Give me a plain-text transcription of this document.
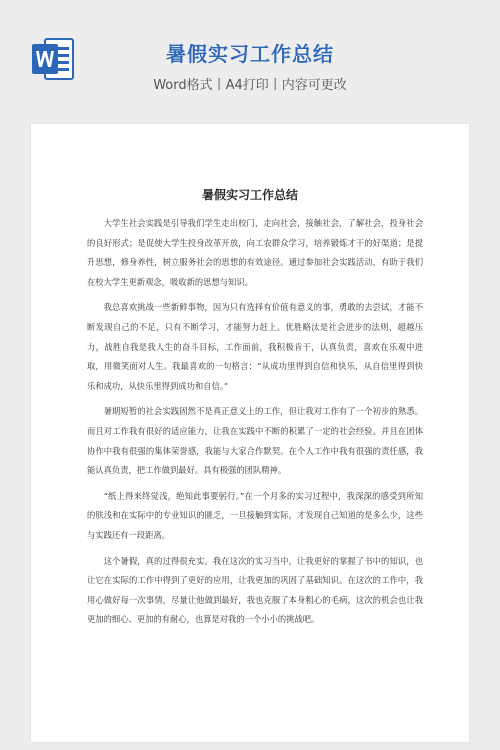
暑假实习工作总结
Word格式丨A4打印丨内容可更改
暑假实习工作总结

大学生社会实践是引导我们学生走出校门，走向社会，接触社会，了解社会，投身社会的良好形式；是促使大学生投身改革开放，向工农群众学习，培养锻炼才干的好渠道；是提升思想，修身养性，树立服务社会的思想的有效途径。通过参加社会实践活动，有助于我们在校大学生更新观念，吸收新的思想与知识。

我总喜欢挑战一些新鲜事物，因为只有选择有价值有意义的事，勇敢的去尝试，才能不断发现自己的不足，只有不断学习，才能努力赶上。优胜略汰是社会进步的法则，超越压力，战胜自我是我人生的奋斗目标，工作面前，我积极肯干，认真负责，喜欢在乐观中进取，用微笑面对人生。我最喜欢的一句格言：“从成功里得到自信和快乐，从自信里得到快乐和成功，从快乐里得到成功和自信。”

暑期短暂的社会实践固然不是真正意义上的工作，但让我对工作有了一个初步的熟悉。而且对工作我有很好的适应能力，让我在实践中不断的积累了一定的社会经验。并且在团体协作中我有很强的集体荣誉感，我能与大家合作默契。在个人工作中我有很强的责任感，我能认真负责，把工作做到最好。具有极强的团队精神。

“纸上得来终觉浅，绝知此事要躬行。”在一个月多的实习过程中，我深深的感受到所知的肤浅和在实际中的专业知识的匮乏，一旦接触到实际，才发现自己知道的是多么少，这些与实践还有一段距离。

这个暑假，真的过得很充实。我在这次的实习当中，让我更好的掌握了书中的知识，也让它在实际的工作中得到了更好的应用，让我更加的巩固了基础知识。在这次的工作中，我用心做好每一次事情，尽量让他做到最好，我也克服了本身粗心的毛病，这次的机会也让我更加的细心、更加的有耐心，也算是对我的一个小小的挑战吧。
